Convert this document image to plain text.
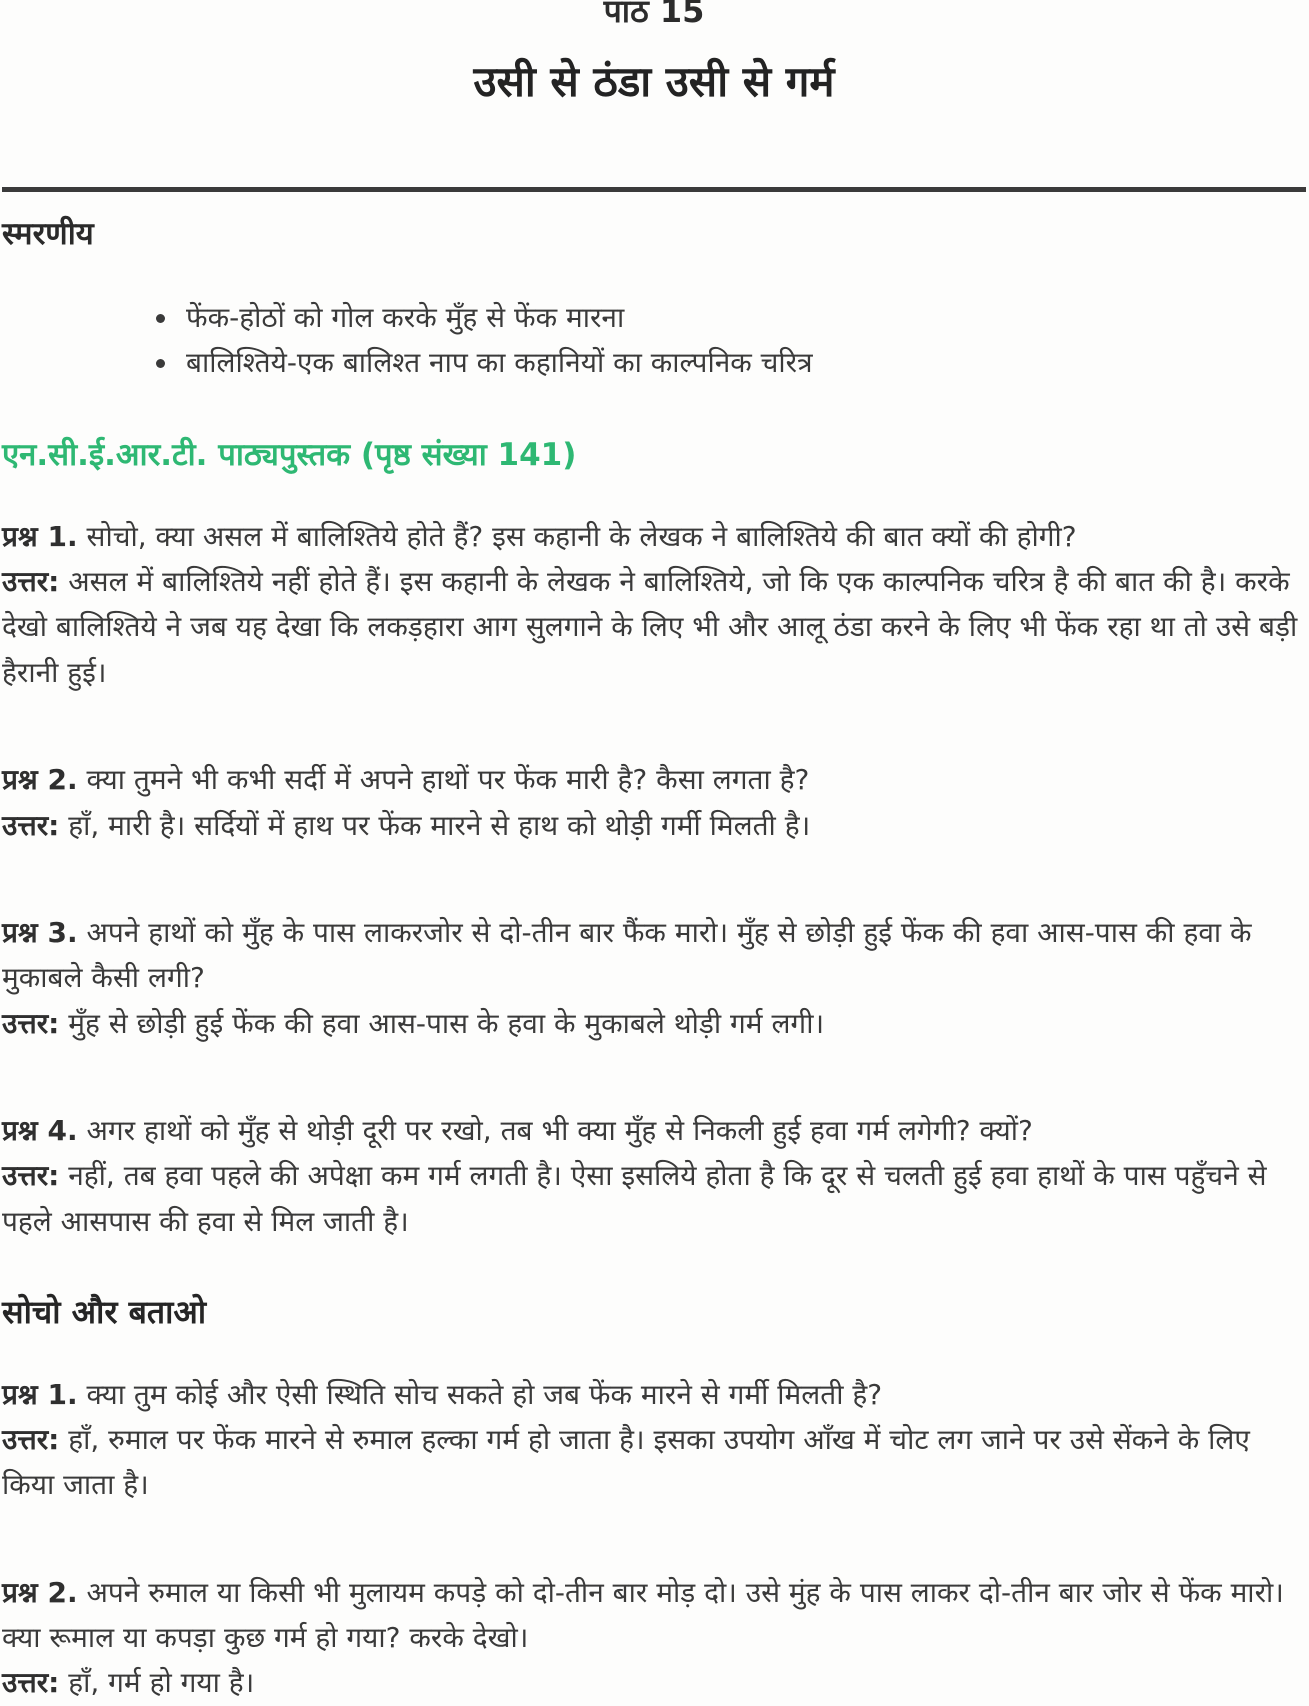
पाठ 15
उसी से ठंडा उसी से गर्म
स्मरणीय
• फेंक-होठों को गोल करके मुँह से फेंक मारना
• बालिश्तिये-एक बालिश्त नाप का कहानियों का काल्पनिक चरित्र
एन.सी.ई.आर.टी. पाठ्यपुस्तक (पृष्ठ संख्या 141)

प्रश्न 1. सोचो, क्या असल में बालिश्तिये होते हैं? इस कहानी के लेखक ने बालिश्तिये की बात क्यों की होगी?
उत्तर: असल में बालिश्तिये नहीं होते हैं। इस कहानी के लेखक ने बालिश्तिये, जो कि एक काल्पनिक चरित्र है की बात की है। करके देखो बालिश्तिये ने जब यह देखा कि लकड़हारा आग सुलगाने के लिए भी और आलू ठंडा करने के लिए भी फेंक रहा था तो उसे बड़ी हैरानी हुई।

प्रश्न 2. क्या तुमने भी कभी सर्दी में अपने हाथों पर फेंक मारी है? कैसा लगता है?
उत्तर: हाँ, मारी है। सर्दियों में हाथ पर फेंक मारने से हाथ को थोड़ी गर्मी मिलती है।

प्रश्न 3. अपने हाथों को मुँह के पास लाकरजोर से दो-तीन बार फैंक मारो। मुँह से छोड़ी हुई फेंक की हवा आस-पास की हवा के मुकाबले कैसी लगी?
उत्तर: मुँह से छोड़ी हुई फेंक की हवा आस-पास के हवा के मुकाबले थोड़ी गर्म लगी।

प्रश्न 4. अगर हाथों को मुँह से थोड़ी दूरी पर रखो, तब भी क्या मुँह से निकली हुई हवा गर्म लगेगी? क्यों?
उत्तर: नहीं, तब हवा पहले की अपेक्षा कम गर्म लगती है। ऐसा इसलिये होता है कि दूर से चलती हुई हवा हाथों के पास पहुँचने से पहले आसपास की हवा से मिल जाती है।

सोचो और बताओ

प्रश्न 1. क्या तुम कोई और ऐसी स्थिति सोच सकते हो जब फेंक मारने से गर्मी मिलती है?
उत्तर: हाँ, रुमाल पर फेंक मारने से रुमाल हल्का गर्म हो जाता है। इसका उपयोग आँख में चोट लग जाने पर उसे सेंकने के लिए किया जाता है।

प्रश्न 2. अपने रुमाल या किसी भी मुलायम कपड़े को दो-तीन बार मोड़ दो। उसे मुंह के पास लाकर दो-तीन बार जोर से फेंक मारो। क्या रूमाल या कपड़ा कुछ गर्म हो गया? करके देखो।
उत्तर: हाँ, गर्म हो गया है।
